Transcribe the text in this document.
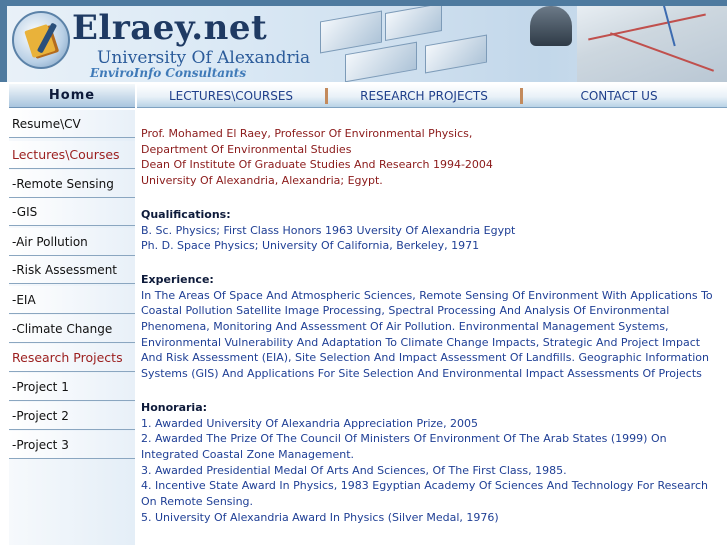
Elraey.net
University Of Alexandria
EnviroInfo Consultants
Home	LECTURES\COURSES	RESEARCH PROJECTS	CONTACT US
Resume\CV
Lectures\Courses
-Remote Sensing
-GIS
-Air Pollution
-Risk Assessment
-EIA
-Climate Change
Research Projects
-Project 1
-Project 2
-Project 3
Prof. Mohamed El Raey, Professor Of Environmental Physics,
Department Of Environmental Studies
Dean Of Institute Of Graduate Studies And Research 1994-2004
University Of Alexandria, Alexandria; Egypt.
Qualifications:
B. Sc. Physics; First Class Honors 1963 Uversity Of Alexandria Egypt
Ph. D. Space Physics; University Of California, Berkeley, 1971
Experience:
In The Areas Of Space And Atmospheric Sciences, Remote Sensing Of Environment With Applications To Coastal Pollution Satellite Image Processing, Spectral Processing And Analysis Of Environmental Phenomena, Monitoring And Assessment Of Air Pollution. Environmental Management Systems, Environmental Vulnerability And Adaptation To Climate Change Impacts, Strategic And Project Impact And Risk Assessment (EIA), Site Selection And Impact Assessment Of Landfills. Geographic Information Systems (GIS) And Applications For Site Selection And Environmental Impact Assessments Of Projects
Honoraria:
1. Awarded University Of Alexandria Appreciation Prize, 2005
2. Awarded The Prize Of The Council Of Ministers Of Environment Of The Arab States (1999) On Integrated Coastal Zone Management.
3. Awarded Presidential Medal Of Arts And Sciences, Of The First Class, 1985.
4. Incentive State Award In Physics, 1983 Egyptian Academy Of Sciences And Technology For Research On Remote Sensing.
5. University Of Alexandria Award In Physics (Silver Medal, 1976)
